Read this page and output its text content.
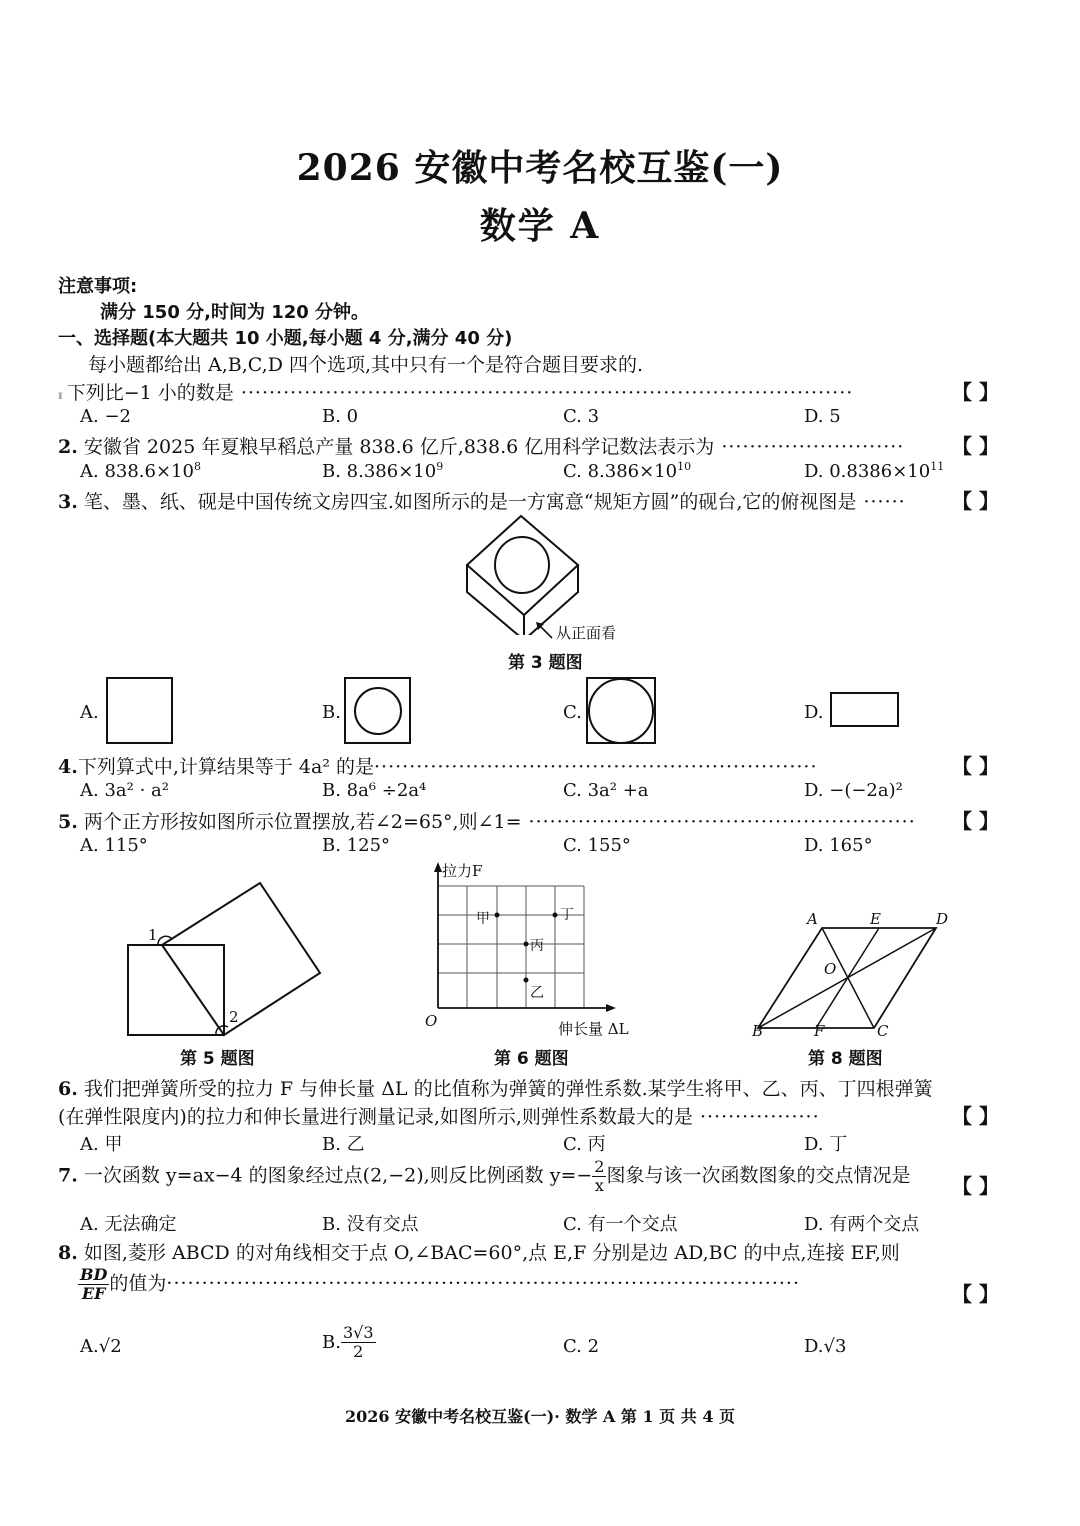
2026 安徽中考名校互鉴(一)
数学 A
注意事项:
满分 150 分,时间为 120 分钟。
一、选择题(本大题共 10 小题,每小题 4 分,满分 40 分)
每小题都给出 A,B,C,D 四个选项,其中只有一个是符合题目要求的.
ɪ 下列比−1 小的数是 ·······················································································	【 】
A. −2	B. 0	C. 3	D. 5
2. 安徽省 2025 年夏粮早稻总产量 838.6 亿斤,838.6 亿用科学记数法表示为 ·························· 【 】
A. $838.6\times 10^8$	B. $8.386\times 10^9$	C. $8.386\times 10^{10}$	D. $0.8386\times 10^{11}$
3. 笔、墨、纸、砚是中国传统文房四宝.如图所示的是一方寓意“规矩方圆”的砚台,它的俯视图是 ······ 【 】
从正面看
第 3 题图
A.	B.	C.	D.
4.下列算式中,计算结果等于 4a² 的是·······························································	【 】
A. 3a² · a²	B. 8a⁶ ÷2a⁴	C. 3a² +a	D. −(−2a)²
5. 两个正方形按如图所示位置摆放,若∠2=65°,则∠1= ······················································· 【 】
A. 115°	B. 125°	C. 155°	D. 165°
1
2
第 5 题图
拉力F
O	伸长量 ΔL
甲	丁
丙
乙
第 6 题图
A	E	D
O
B	F	C
第 8 题图
6. 我们把弹簧所受的拉力 F 与伸长量 ΔL 的比值称为弹簧的弹性系数.某学生将甲、乙、丙、丁四根弹簧
(在弹性限度内)的拉力和伸长量进行测量记录,如图所示,则弹性系数最大的是 ·················	【 】
A. 甲	B. 乙	C. 丙	D. 丁
7. 一次函数 y=ax−4 的图象经过点(2,−2),则反比例函数 $y=- \frac{2}{x}$ 图象与该一次函数图象的交点情况是 【 】
A. 无法确定	B. 没有交点	C. 有一个交点	D. 有两个交点
8. 如图,菱形 ABCD 的对角线相交于点 O,∠BAC=60°,点 E,F 分别是边 AD,BC 的中点,连接 EF,则
$\frac{BD}{EF}$ 的值为··························································································	【 】
A.√2	B. $\frac{3√3}{2}$	C. 2	D.√3
2026 安徽中考名校互鉴(一)· 数学 A 第 1 页 共 4 页
